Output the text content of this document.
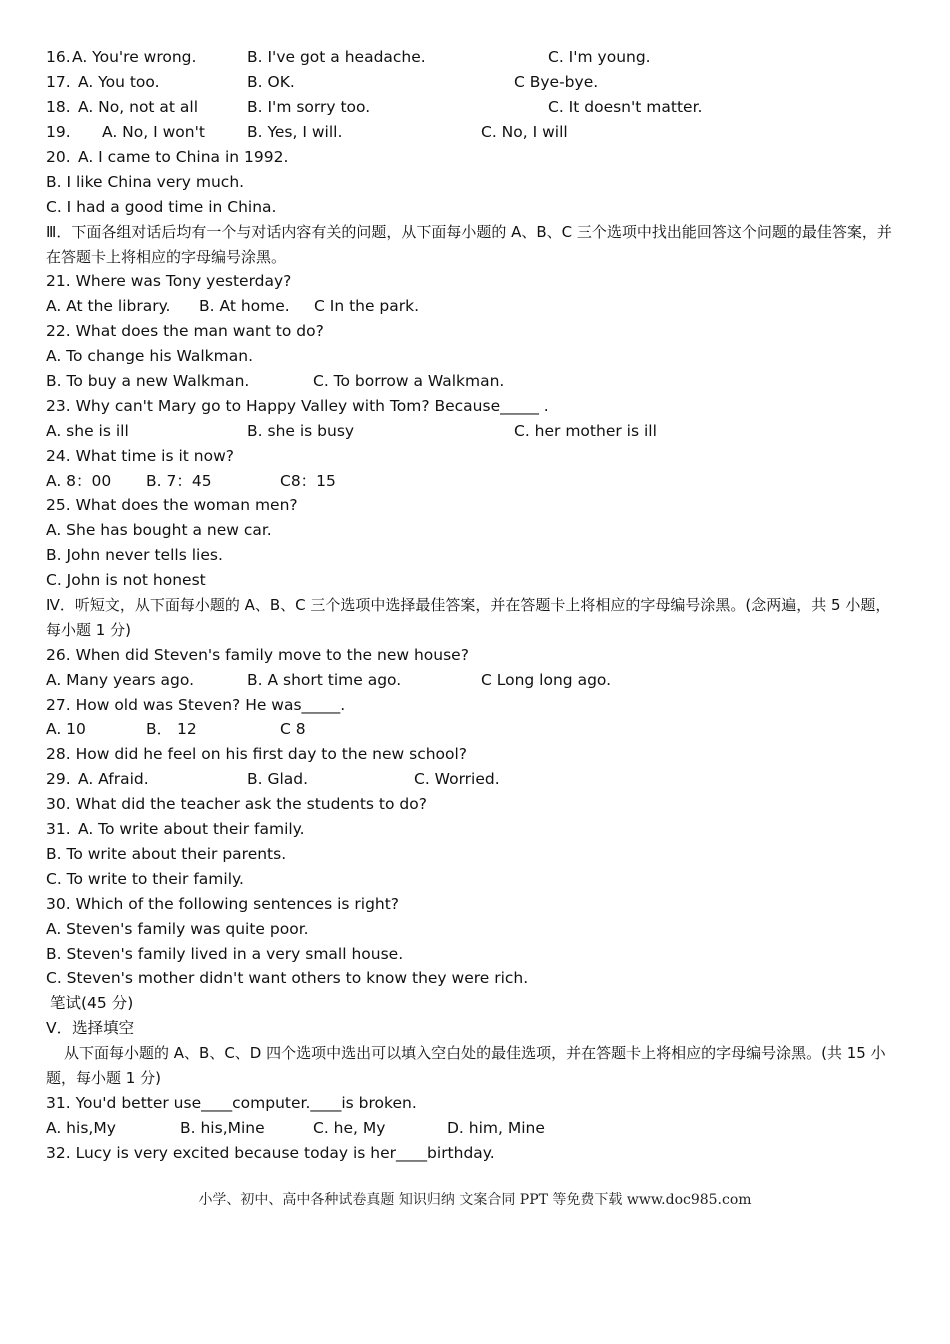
16. A. You're wrong.	B. I've got a headache.	C. I'm young.
17. A. You too.	B. OK.	C Bye-bye.
18. A. No, not at all	B. I'm sorry too.	C. It doesn't matter.
19. A. No, I won't	B. Yes, I will.	C. No, I will
20. A. I came to China in 1992.
B. I like China very much.
C. I had a good time in China.
Ⅲ．下面各组对话后均有一个与对话内容有关的问题，从下面每小题的 A、B、C 三个选项中找出能回答这个问题的最佳答案，并在答题卡上将相应的字母编号涂黑。
21. Where was Tony yesterday?
A. At the library. B. At home. C In the park.
22. What does the man want to do?
A. To change his Walkman.
B. To buy a new Walkman.	C. To borrow a Walkman.
23. Why can't Mary go to Happy Valley with Tom? Because_____ .
A. she is ill	B. she is busy	C. her mother is ill
24. What time is it now?
A. 8：00 B. 7：45	C8：15
25. What does the woman men?
A. She has bought a new car.
B. John never tells lies.
C. John is not honest
Ⅳ．听短文，从下面每小题的 A、B、C 三个选项中选择最佳答案，并在答题卡上将相应的字母编号涂黑。(念两遍，共 5 小题，每小题 1 分)
26. When did Steven's family move to the new house?
A. Many years ago.	B. A short time ago.	C Long long ago.
27. How old was Steven? He was_____.
A. 10	B． 12	C 8
28. How did he feel on his first day to the new school?
29. A. Afraid.	B. Glad.	C. Worried.
30. What did the teacher ask the students to do?
31. A. To write about their family.
B. To write about their parents.
C. To write to their family.
30. Which of the following sentences is right?
A. Steven's family was quite poor.
B. Steven's family lived in a very small house.
C. Steven's mother didn't want others to know they were rich.
笔试(45 分)
Ⅴ．选择填空
从下面每小题的 A、B、C、D 四个选项中选出可以填入空白处的最佳选项，并在答题卡上将相应的字母编号涂黑。(共 15 小题，每小题 1 分)
31. You'd better use____computer.____is broken.
A. his,My	B. his,Mine	C. he, My	D. him, Mine
32. Lucy is very excited because today is her____birthday.
小学、初中、高中各种试卷真题 知识归纳 文案合同 PPT 等免费下载 www.doc985.com
